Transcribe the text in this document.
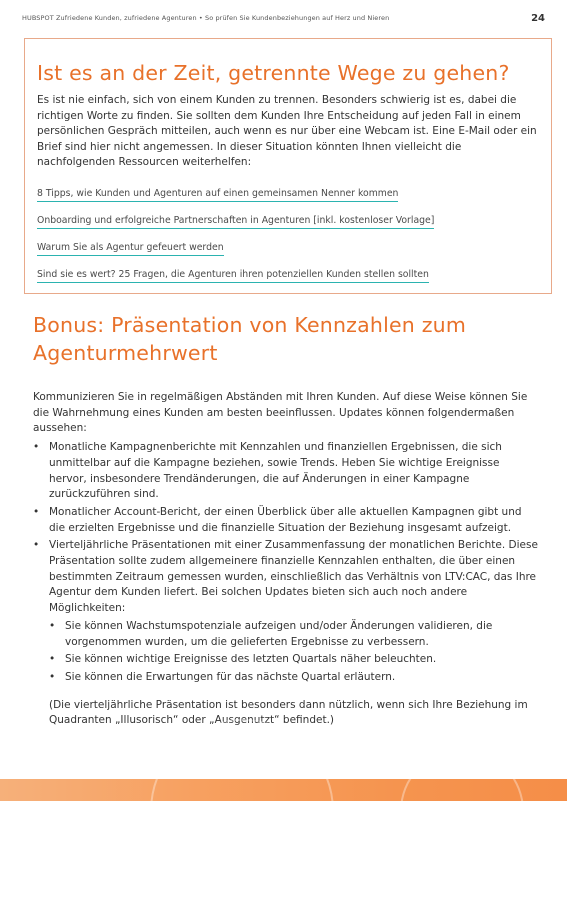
HUBSPOT Zufriedene Kunden, zufriedene Agenturen • So prüfen Sie Kundenbeziehungen auf Herz und Nieren	24
Ist es an der Zeit, getrennte Wege zu gehen?

Es ist nie einfach, sich von einem Kunden zu trennen. Besonders schwierig ist es, dabei die richtigen Worte zu finden. Sie sollten dem Kunden Ihre Entscheidung auf jeden Fall in einem persönlichen Gespräch mitteilen, auch wenn es nur über eine Webcam ist. Eine E-Mail oder ein Brief sind hier nicht angemessen. In dieser Situation könnten Ihnen vielleicht die nachfolgenden Ressourcen weiterhelfen:

8 Tipps, wie Kunden und Agenturen auf einen gemeinsamen Nenner kommen
Onboarding und erfolgreiche Partnerschaften in Agenturen [inkl. kostenloser Vorlage]
Warum Sie als Agentur gefeuert werden
Sind sie es wert? 25 Fragen, die Agenturen ihren potenziellen Kunden stellen sollten
Bonus: Präsentation von Kennzahlen zum Agenturmehrwert

Kommunizieren Sie in regelmäßigen Abständen mit Ihren Kunden. Auf diese Weise können Sie die Wahrnehmung eines Kunden am besten beeinflussen. Updates können folgendermaßen aussehen:

• Monatliche Kampagnenberichte mit Kennzahlen und finanziellen Ergebnissen, die sich unmittelbar auf die Kampagne beziehen, sowie Trends. Heben Sie wichtige Ereignisse hervor, insbesondere Trendänderungen, die auf Änderungen in einer Kampagne zurückzuführen sind.
• Monatlicher Account-Bericht, der einen Überblick über alle aktuellen Kampagnen gibt und die erzielten Ergebnisse und die finanzielle Situation der Beziehung insgesamt aufzeigt.
• Vierteljährliche Präsentationen mit einer Zusammenfassung der monatlichen Berichte. Diese Präsentation sollte zudem allgemeinere finanzielle Kennzahlen enthalten, die über einen bestimmten Zeitraum gemessen wurden, einschließlich das Verhältnis von LTV:CAC, das Ihre Agentur dem Kunden liefert. Bei solchen Updates bieten sich auch noch andere Möglichkeiten:
• Sie können Wachstumspotenziale aufzeigen und/oder Änderungen validieren, die vorgenommen wurden, um die gelieferten Ergebnisse zu verbessern.
• Sie können wichtige Ereignisse des letzten Quartals näher beleuchten.
• Sie können die Erwartungen für das nächste Quartal erläutern.

(Die vierteljährliche Präsentation ist besonders dann nützlich, wenn sich Ihre Beziehung im Quadranten „Illusorisch“ oder „Ausgenutzt“ befindet.)
